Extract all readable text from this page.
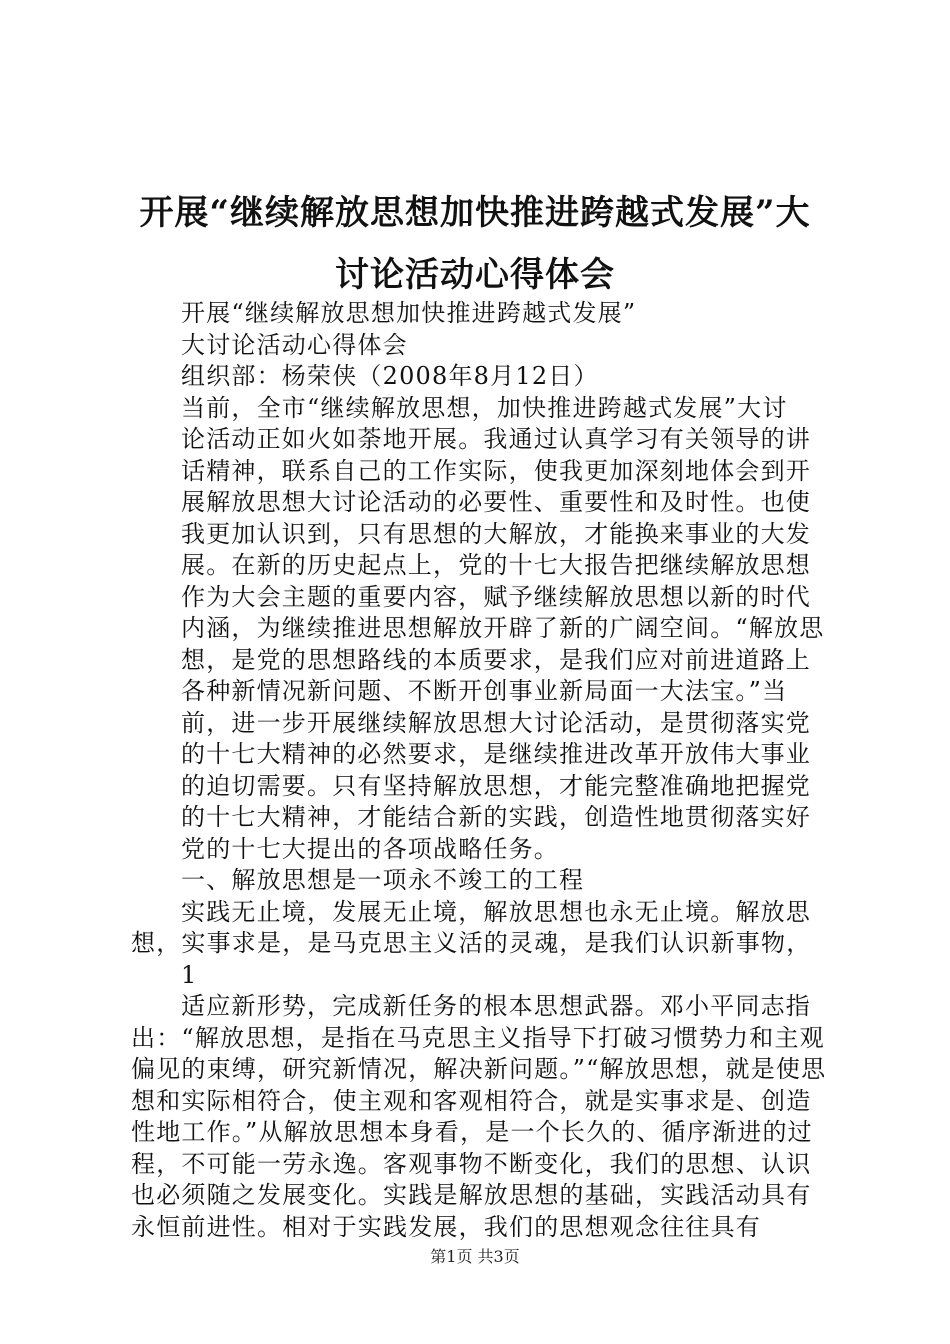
开展“继续解放思想加快推进跨越式发展”大
讨论活动心得体会

开展“继续解放思想加快推进跨越式发展”

大讨论活动心得体会

组织部：杨荣侠（2008年8月12日）

当前，全市“继续解放思想，加快推进跨越式发展”大讨

论活动正如火如荼地开展。我通过认真学习有关领导的讲话精神，联系自己的工作实际，使我更加深刻地体会到开展解放思想大讨论活动的必要性、重要性和及时性。也使我更加认识到，只有思想的大解放，才能换来事业的大发展。在新的历史起点上，党的十七大报告把继续解放思想作为大会主题的重要内容，赋予继续解放思想以新的时代内涵，为继续推进思想解放开辟了新的广阔空间。“解放思想，是党的思想路线的本质要求，是我们应对前进道路上各种新情况新问题、不断开创事业新局面一大法宝。”当前，进一步开展继续解放思想大讨论活动，是贯彻落实党的十七大精神的必然要求，是继续推进改革开放伟大事业的迫切需要。只有坚持解放思想，才能完整准确地把握党的十七大精神，才能结合新的实践，创造性地贯彻落实好党的十七大提出的各项战略任务。

一、解放思想是一项永不竣工的工程

实践无止境，发展无止境，解放思想也永无止境。解放思想，实事求是，是马克思主义活的灵魂，是我们认识新事物，

1

适应新形势，完成新任务的根本思想武器。邓小平同志指出：“解放思想，是指在马克思主义指导下打破习惯势力和主观偏见的束缚，研究新情况，解决新问题。”“解放思想，就是使思想和实际相符合，使主观和客观相符合，就是实事求是、创造性地工作。”从解放思想本身看，是一个长久的、循序渐进的过程，不可能一劳永逸。客观事物不断变化，我们的思想、认识也必须随之发展变化。实践是解放思想的基础，实践活动具有永恒前进性。相对于实践发展，我们的思想观念往往具有

第1页 共3页
